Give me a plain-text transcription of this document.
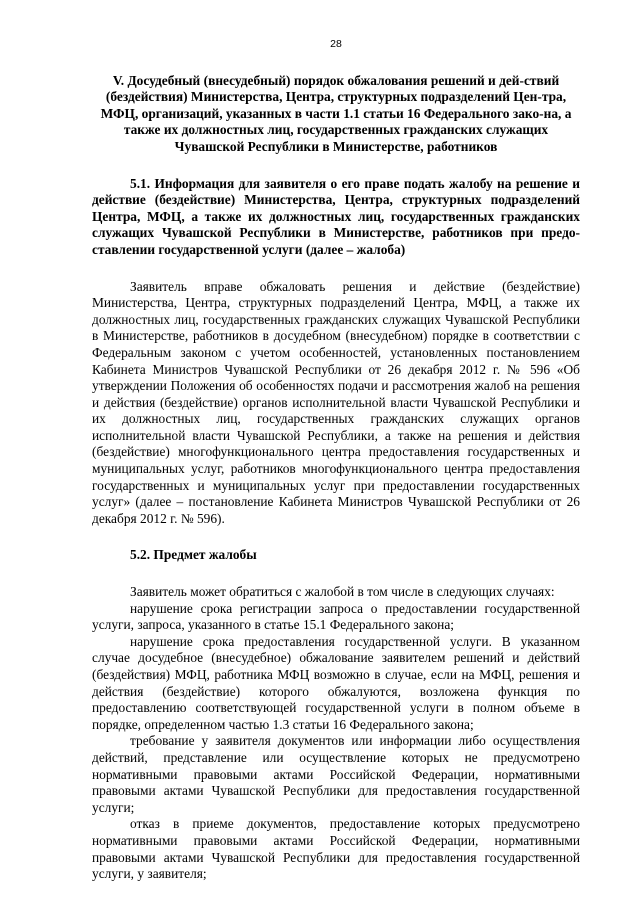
28
V. Досудебный (внесудебный) порядок обжалования решений и дей-ствий (бездействия) Министерства, Центра, структурных подразделений Цен-тра, МФЦ, организаций, указанных в части 1.1 статьи 16 Федерального зако-на, а также их должностных лиц, государственных гражданских служащих Чувашской Республики в Министерстве, работников
5.1. Информация для заявителя о его праве подать жалобу на решение и действие (бездействие) Министерства, Центра, структурных подразделений Центра, МФЦ, а также их должностных лиц, государственных гражданских служащих Чувашской Республики в Министерстве, работников при предо-ставлении государственной услуги (далее – жалоба)

Заявитель вправе обжаловать решения и действие (бездействие) Министерства, Центра, структурных подразделений Центра, МФЦ, а также их должностных лиц, государственных гражданских служащих Чувашской Республики в Министерстве, работников в досудебном (внесудебном) порядке в соответствии с Федеральным законом с учетом особенностей, установленных постановлением Кабинета Министров Чувашской Республики от 26 декабря 2012 г. № 596 «Об утверждении Положения об особенностях подачи и рассмотрения жалоб на решения и действия (бездействие) органов исполнительной власти Чувашской Республики и их должностных лиц, государственных гражданских служащих органов исполнительной власти Чувашской Республики, а также на решения и действия (бездействие) многофункционального центра предоставления государственных и муниципальных услуг, работников многофункционального центра предоставления государственных и муниципальных услуг при предоставлении государственных услуг» (далее – постановление Кабинета Министров Чувашской Республики от 26 декабря 2012 г. № 596).

5.2. Предмет жалобы

Заявитель может обратиться с жалобой в том числе в следующих случаях:

нарушение срока регистрации запроса о предоставлении государственной услуги, запроса, указанного в статье 15.1 Федерального закона;

нарушение срока предоставления государственной услуги. В указанном случае досудебное (внесудебное) обжалование заявителем решений и действий (бездействия) МФЦ, работника МФЦ возможно в случае, если на МФЦ, решения и действия (бездействие) которого обжалуются, возложена функция по предоставлению соответствующей государственной услуги в полном объеме в порядке, определенном частью 1.3 статьи 16 Федерального закона;

требование у заявителя документов или информации либо осуществления действий, представление или осуществление которых не предусмотрено нормативными правовыми актами Российской Федерации, нормативными правовыми актами Чувашской Республики для предоставления государственной услуги;

отказ в приеме документов, предоставление которых предусмотрено нормативными правовыми актами Российской Федерации, нормативными правовыми актами Чувашской Республики для предоставления государственной услуги, у заявителя;
